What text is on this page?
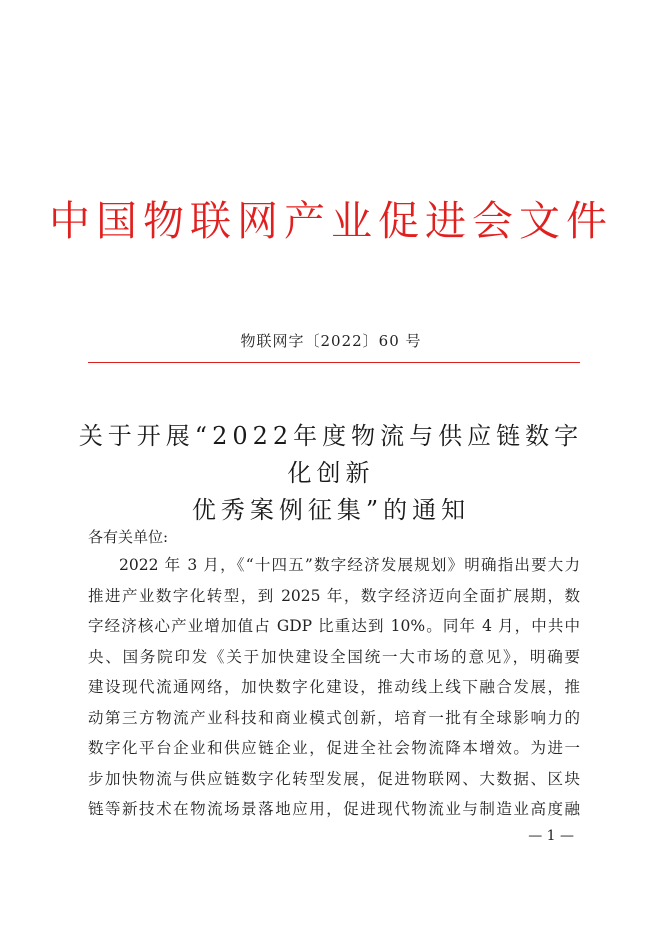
中国物联网产业促进会文件
物联网字〔2022〕60 号
关于开展“2022年度物流与供应链数字化创新
优秀案例征集”的通知
各有关单位:
2022 年 3 月，《“十四五”数字经济发展规划》明确指出要大力
推进产业数字化转型，到 2025 年，数字经济迈向全面扩展期，数
字经济核心产业增加值占 GDP 比重达到 10%。同年 4 月，中共中
央、国务院印发《关于加快建设全国统一大市场的意见》，明确要
建设现代流通网络，加快数字化建设，推动线上线下融合发展，推
动第三方物流产业科技和商业模式创新，培育一批有全球影响力的
数字化平台企业和供应链企业，促进全社会物流降本增效。为进一
步加快物流与供应链数字化转型发展，促进物联网、大数据、区块
链等新技术在物流场景落地应用，促进现代物流业与制造业高度融
— 1 —
